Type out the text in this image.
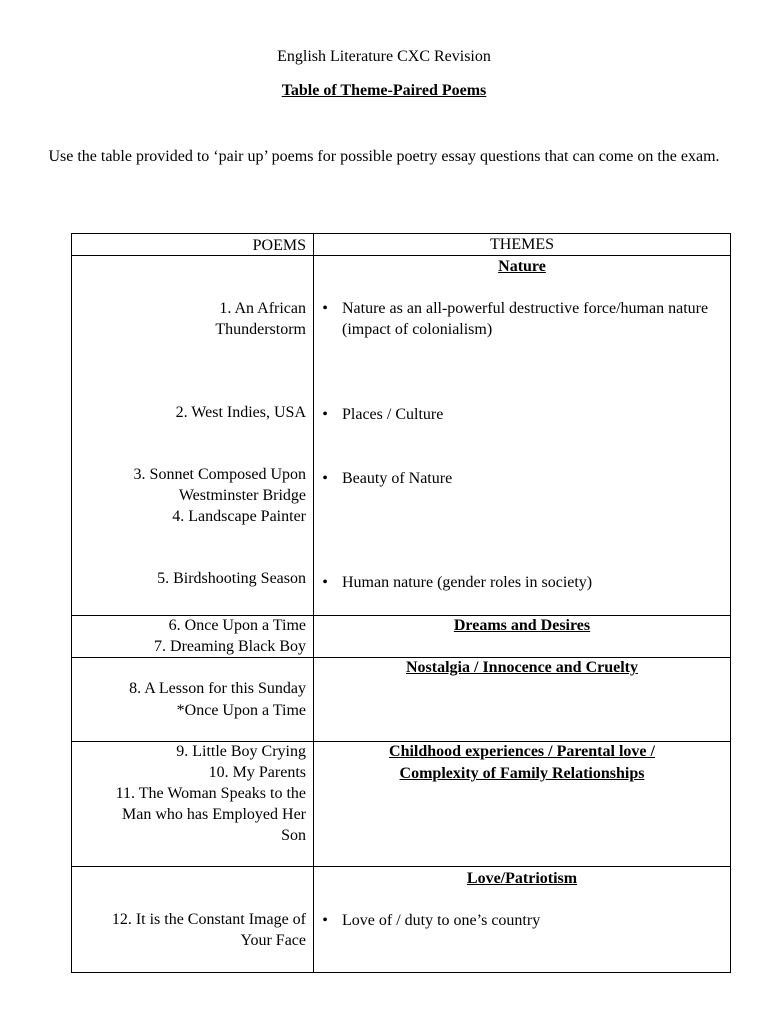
English Literature CXC Revision
Table of Theme-Paired Poems
Use the table provided to ‘pair up’ poems for possible poetry essay questions that can come on the exam.
POEMS	THEMES
Nature
1. An African
Thunderstorm
• Nature as an all-powerful destructive force/human nature (impact of colonialism)
2. West Indies, USA • Places / Culture
3. Sonnet Composed Upon
Westminster Bridge
4. Landscape Painter
• Beauty of Nature
5. Birdshooting Season • Human nature (gender roles in society)
6. Once Upon a Time
7. Dreaming Black Boy
Dreams and Desires
Nostalgia / Innocence and Cruelty
8. A Lesson for this Sunday
*Once Upon a Time
9. Little Boy Crying
10. My Parents
11. The Woman Speaks to the
Man who has Employed Her
Son
Childhood experiences / Parental love /
Complexity of Family Relationships
Love/Patriotism
12. It is the Constant Image of
Your Face
• Love of / duty to one’s country
